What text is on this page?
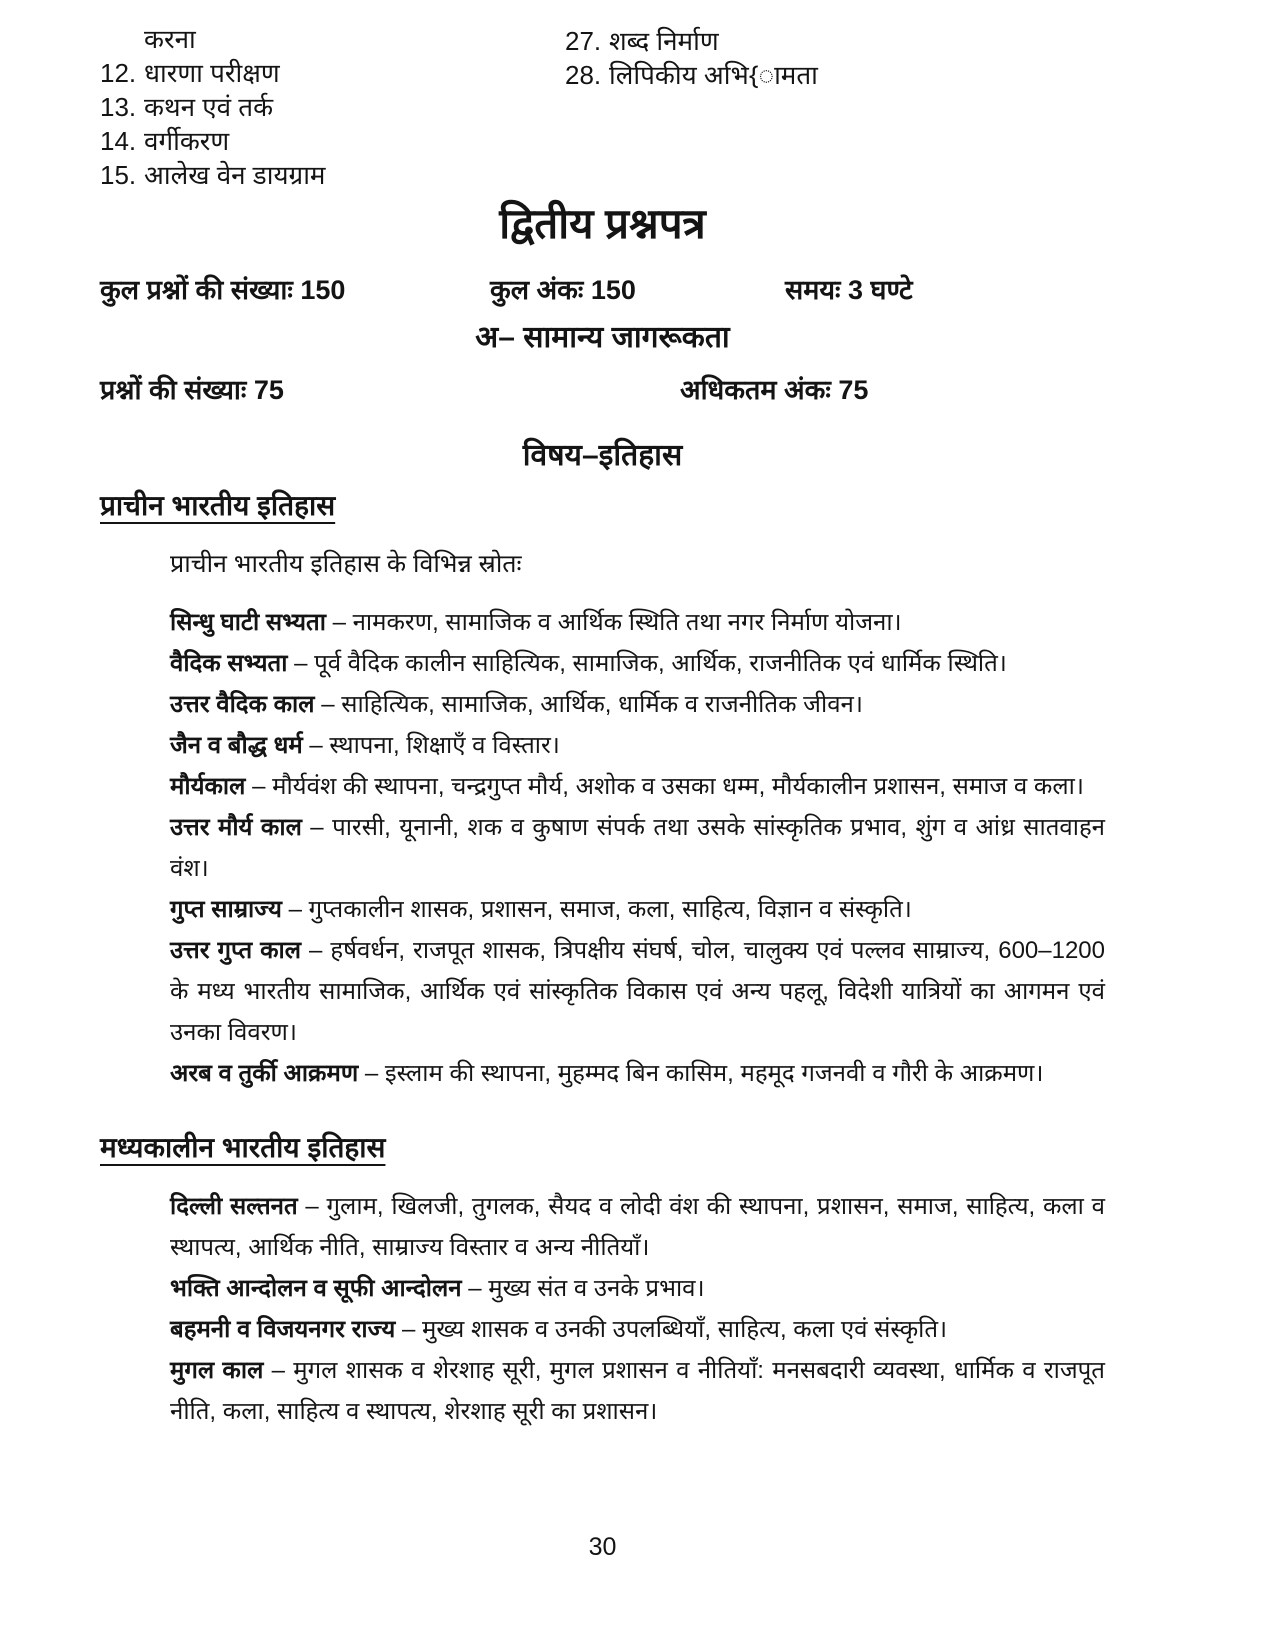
करना
12. धारणा परीक्षण
13. कथन एवं तर्क
14. वर्गीकरण
15. आलेख वेन डायग्राम
27. शब्द निर्माण
28. लिपिकीय अभि{ामता
द्वितीय प्रश्नपत्र
कुल प्रश्नों की संख्याः 150	कुल अंकः 150	समयः 3 घण्टे
अ– सामान्य जागरूकता
प्रश्नों की संख्याः 75	अधिकतम अंकः 75
विषय–इतिहास
प्राचीन भारतीय इतिहास
प्राचीन भारतीय इतिहास के विभिन्न स्रोतः

सिन्धु घाटी सभ्यता – नामकरण, सामाजिक व आर्थिक स्थिति तथा नगर निर्माण योजना।

वैदिक सभ्यता – पूर्व वैदिक कालीन साहित्यिक, सामाजिक, आर्थिक, राजनीतिक एवं धार्मिक स्थिति।

उत्तर वैदिक काल – साहित्यिक, सामाजिक, आर्थिक, धार्मिक व राजनीतिक जीवन।

जैन व बौद्ध धर्म – स्थापना, शिक्षाएँ व विस्तार।

मौर्यकाल – मौर्यवंश की स्थापना, चन्द्रगुप्त मौर्य, अशोक व उसका धम्म, मौर्यकालीन प्रशासन, समाज व कला।

उत्तर मौर्य काल – पारसी, यूनानी, शक व कुषाण संपर्क तथा उसके सांस्कृतिक प्रभाव, शुंग व आंध्र सातवाहन वंश।

गुप्त साम्राज्य – गुप्तकालीन शासक, प्रशासन, समाज, कला, साहित्य, विज्ञान व संस्कृति।

उत्तर गुप्त काल – हर्षवर्धन, राजपूत शासक, त्रिपक्षीय संघर्ष, चोल, चालुक्य एवं पल्लव साम्राज्य, 600–1200 के मध्य भारतीय सामाजिक, आर्थिक एवं सांस्कृतिक विकास एवं अन्य पहलू, विदेशी यात्रियों का आगमन एवं उनका विवरण।

अरब व तुर्की आक्रमण – इस्लाम की स्थापना, मुहम्मद बिन कासिम, महमूद गजनवी व गौरी के आक्रमण।

मध्यकालीन भारतीय इतिहास

दिल्ली सल्तनत – गुलाम, खिलजी, तुगलक, सैयद व लोदी वंश की स्थापना, प्रशासन, समाज, साहित्य, कला व स्थापत्य, आर्थिक नीति, साम्राज्य विस्तार व अन्य नीतियाँ।

भक्ति आन्दोलन व सूफी आन्दोलन – मुख्य संत व उनके प्रभाव।

बहमनी व विजयनगर राज्य – मुख्य शासक व उनकी उपलब्धियाँ, साहित्य, कला एवं संस्कृति।

मुगल काल – मुगल शासक व शेरशाह सूरी, मुगल प्रशासन व नीतियाँ: मनसबदारी व्यवस्था, धार्मिक व राजपूत नीति, कला, साहित्य व स्थापत्य, शेरशाह सूरी का प्रशासन।

30
